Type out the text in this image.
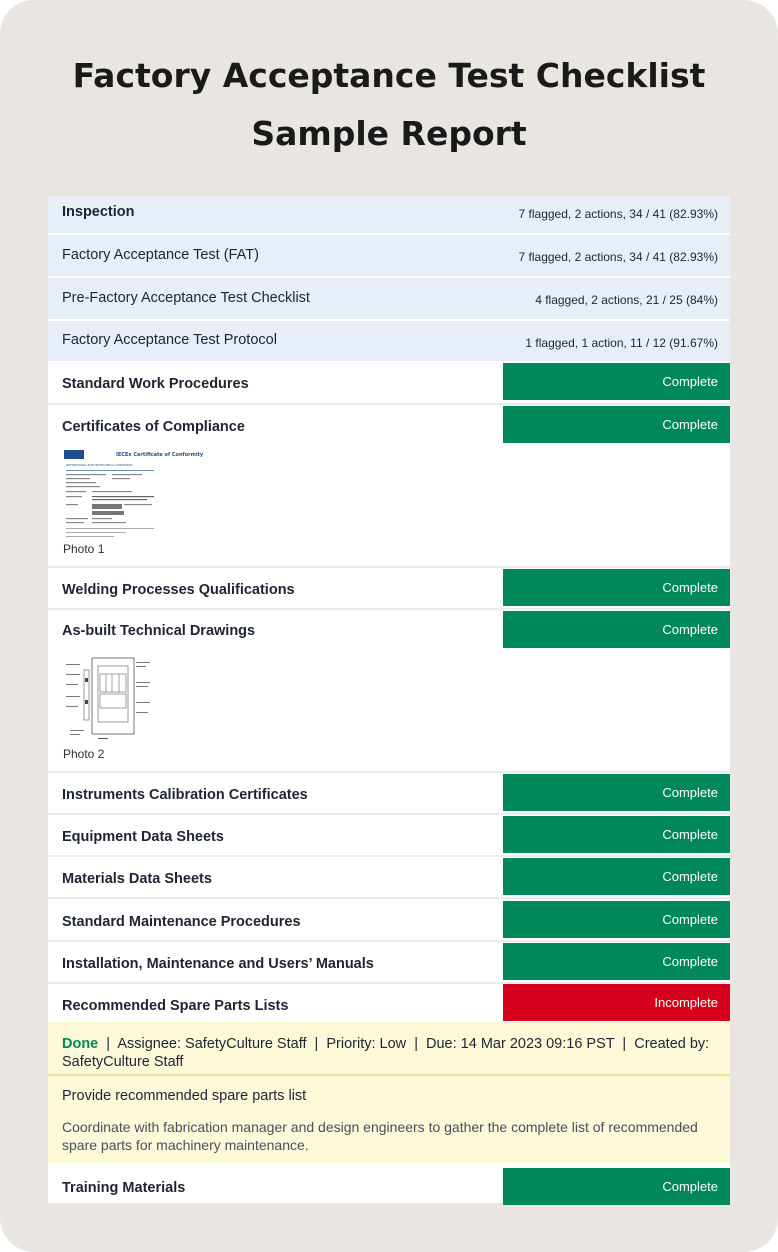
Factory Acceptance Test Checklist
Sample Report
Inspection	7 flagged, 2 actions, 34 / 41 (82.93%)
Factory Acceptance Test (FAT)	7 flagged, 2 actions, 34 / 41 (82.93%)
Pre-Factory Acceptance Test Checklist	4 flagged, 2 actions, 21 / 25 (84%)
Factory Acceptance Test Protocol	1 flagged, 1 action, 11 / 12 (91.67%)
Standard Work Procedures	Complete
Certificates of Compliance	Complete
IECEx Certificate of Conformity
INTERNATIONAL ELECTROTECHNICAL COMMISSION
Photo 1
Welding Processes Qualifications	Complete
As-built Technical Drawings	Complete
Photo 2
Instruments Calibration Certificates	Complete
Equipment Data Sheets	Complete
Materials Data Sheets	Complete
Standard Maintenance Procedures	Complete
Installation, Maintenance and Users’ Manuals	Complete
Recommended Spare Parts Lists	Incomplete
Done  |  Assignee: SafetyCulture Staff  |  Priority: Low  |  Due: 14 Mar 2023 09:16 PST  |  Created by: SafetyCulture Staff
Provide recommended spare parts list
Coordinate with fabrication manager and design engineers to gather the complete list of recommended spare parts for machinery maintenance.
Training Materials	Complete
